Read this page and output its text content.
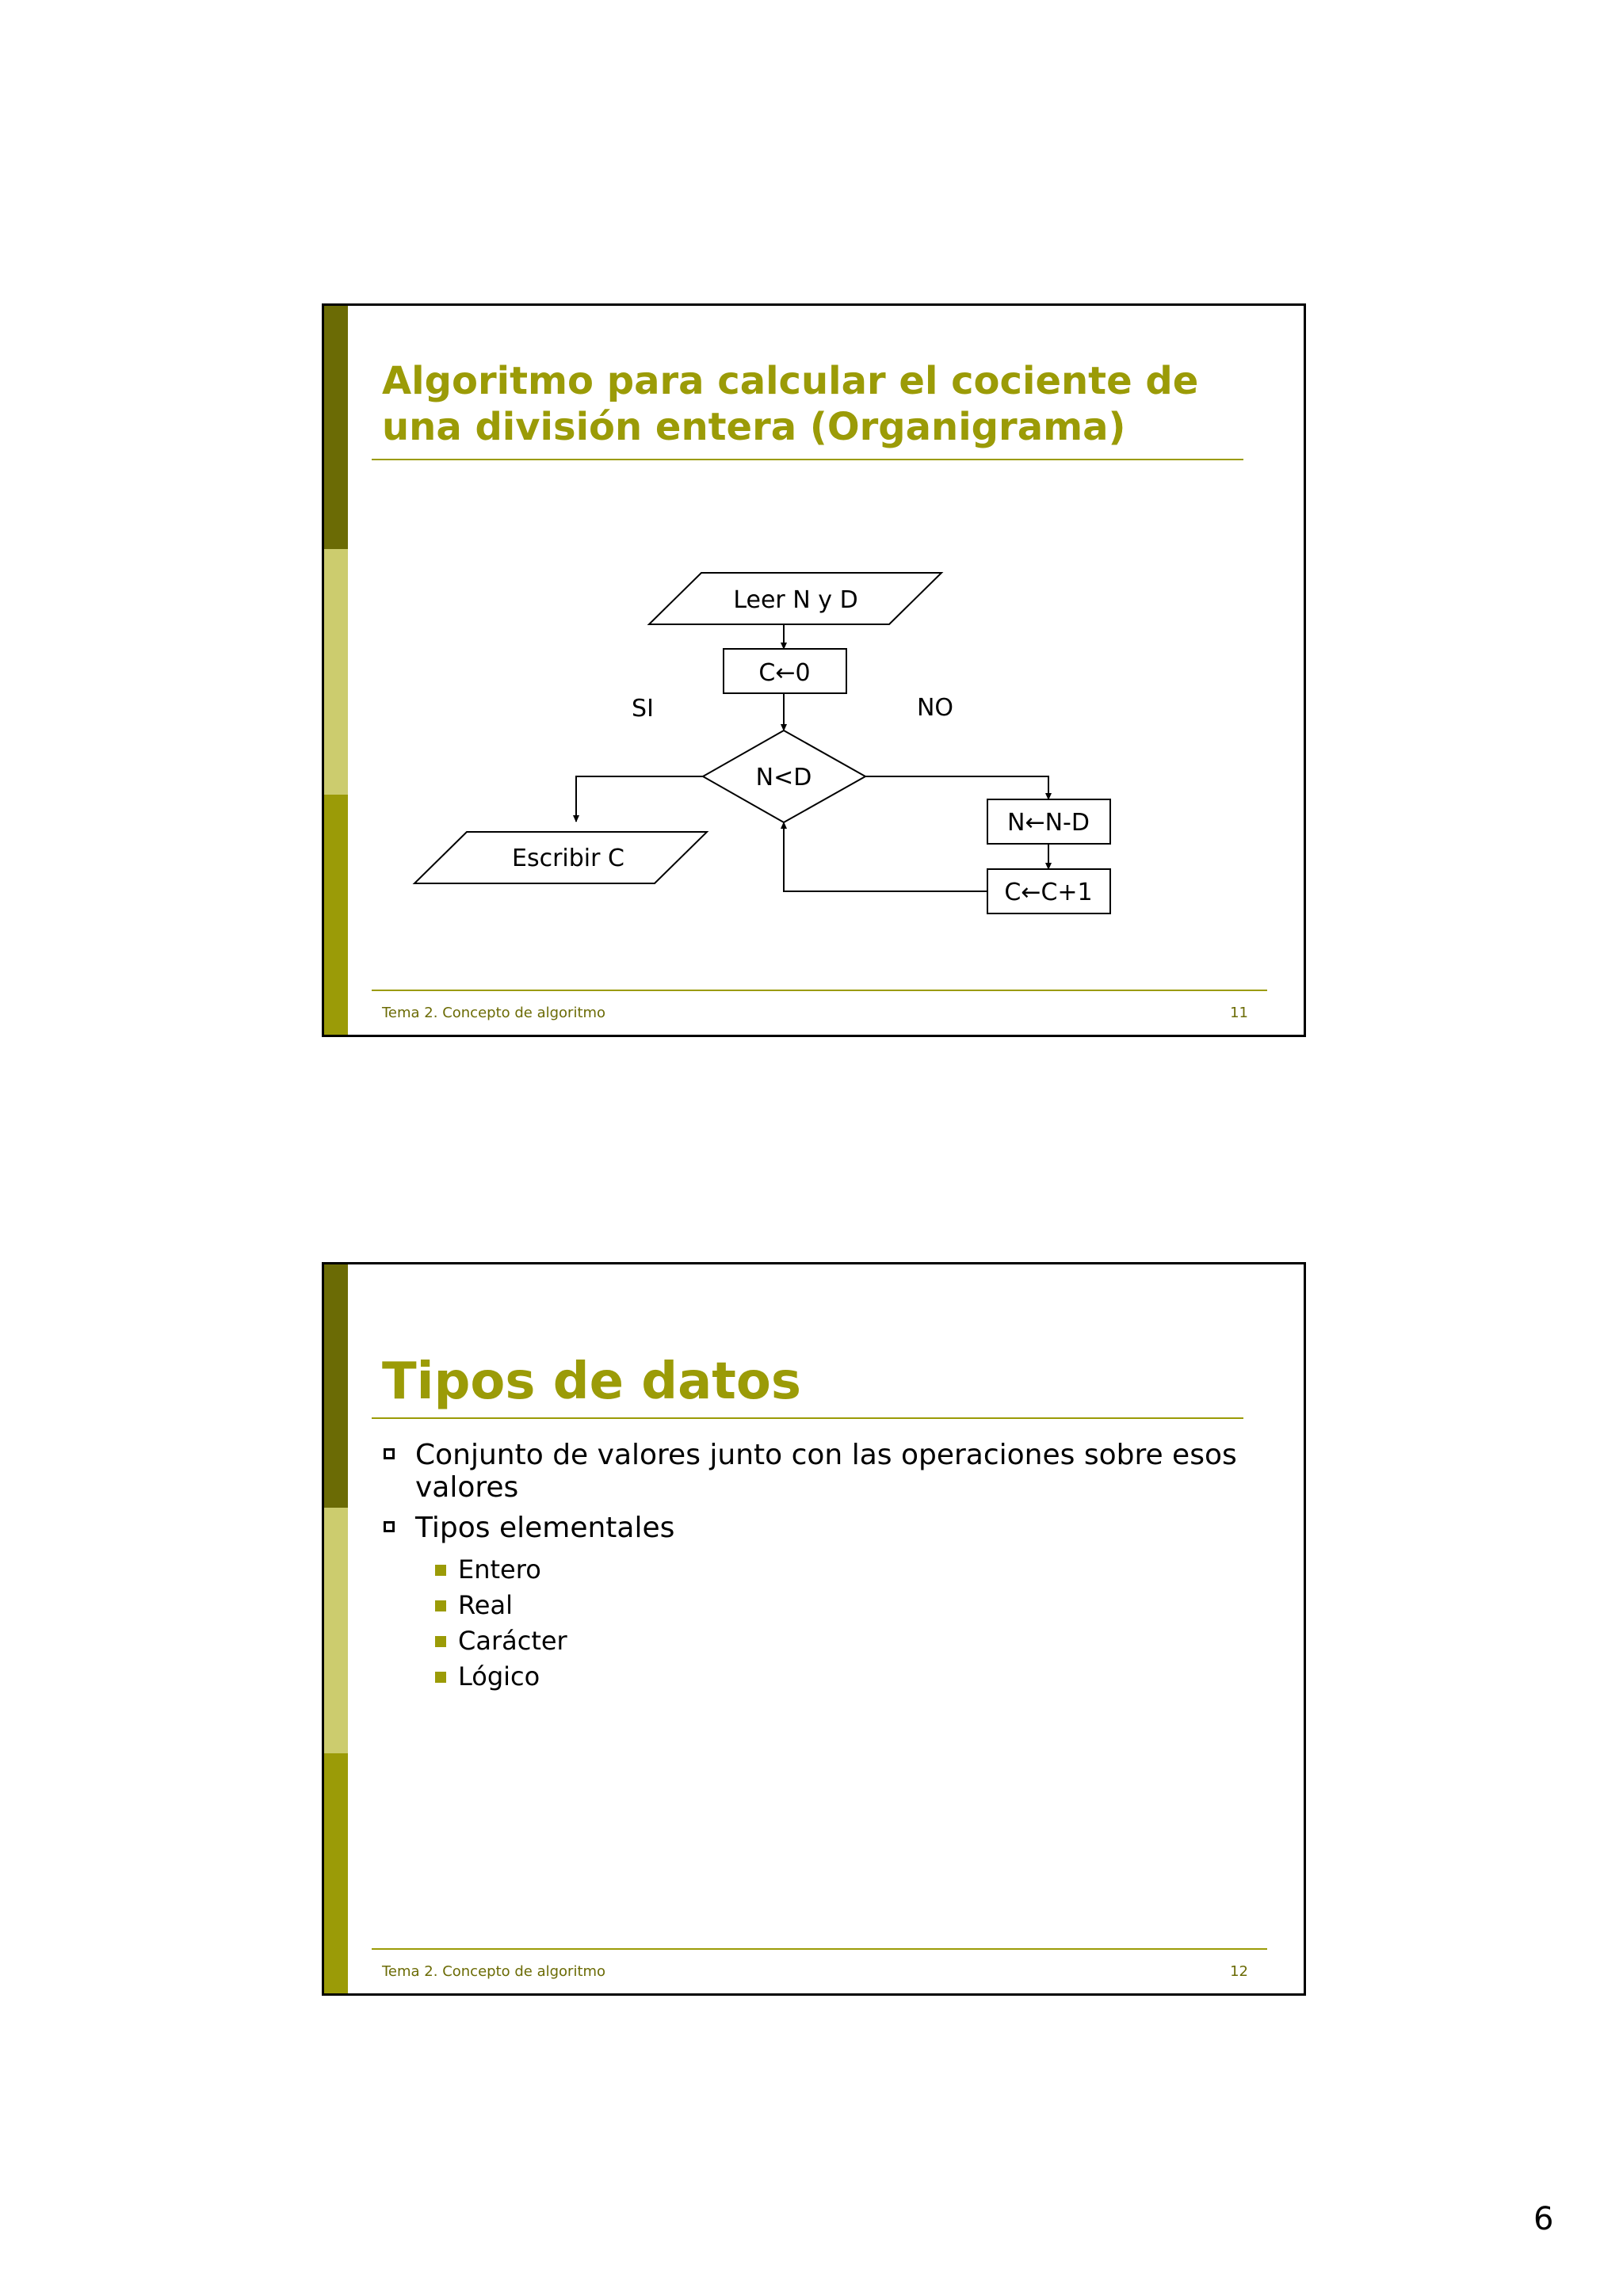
Algoritmo para calcular el cociente de
una división entera (Organigrama)
Leer N y D
C←0
N<D
SI	NO
N←N-D
C←C+1
Escribir C
Tema 2. Concepto de algoritmo	11
Tipos de datos
Conjunto de valores junto con las operaciones sobre esos valores
Tipos elementales
Entero
Real
Carácter
Lógico
Tema 2. Concepto de algoritmo	12
6
